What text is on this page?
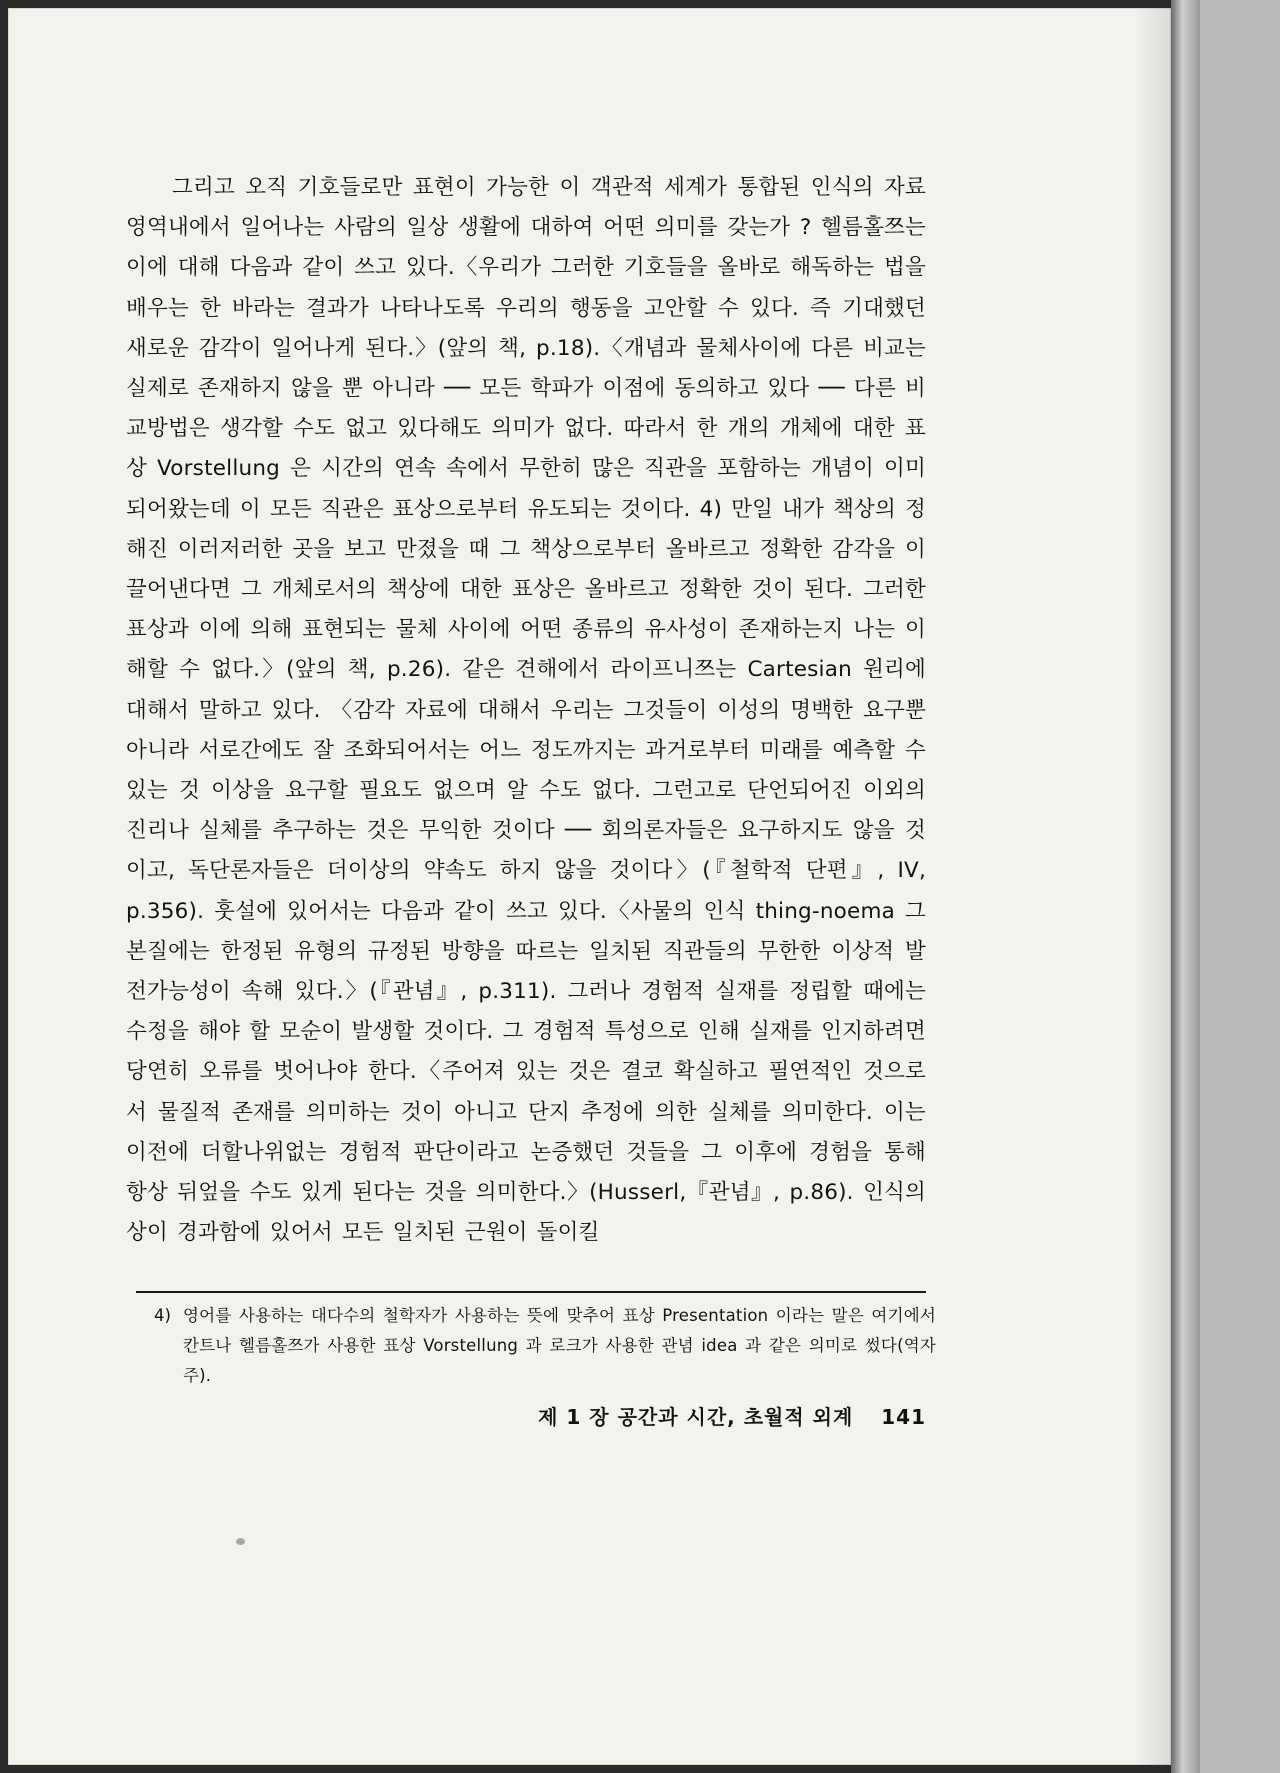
그리고 오직 기호들로만 표현이 가능한 이 객관적 세계가 통합된 인식의 자료 영역내에서 일어나는 사람의 일상 생활에 대하여 어떤 의미를 갖는가 ? 헬름홀쯔는 이에 대해 다음과 같이 쓰고 있다.〈우리가 그러한 기호들을 올바로 해독하는 법을 배우는 한 바라는 결과가 나타나도록 우리의 행동을 고안할 수 있다. 즉 기대했던 새로운 감각이 일어나게 된다.〉(앞의 책, p.18).〈개념과 물체사이에 다른 비교는 실제로 존재하지 않을 뿐 아니라 ── 모든 학파가 이점에 동의하고 있다 ── 다른 비교방법은 생각할 수도 없고 있다해도 의미가 없다. 따라서 한 개의 개체에 대한 표상 Vorstellung 은 시간의 연속 속에서 무한히 많은 직관을 포함하는 개념이 이미 되어왔는데 이 모든 직관은 표상으로부터 유도되는 것이다. 4) 만일 내가 책상의 정해진 이러저러한 곳을 보고 만졌을 때 그 책상으로부터 올바르고 정확한 감각을 이끌어낸다면 그 개체로서의 책상에 대한 표상은 올바르고 정확한 것이 된다. 그러한 표상과 이에 의해 표현되는 물체 사이에 어떤 종류의 유사성이 존재하는지 나는 이해할 수 없다.〉(앞의 책, p.26). 같은 견해에서 라이프니쯔는 Cartesian 원리에 대해서 말하고 있다. 〈감각 자료에 대해서 우리는 그것들이 이성의 명백한 요구뿐 아니라 서로간에도 잘 조화되어서는 어느 정도까지는 과거로부터 미래를 예측할 수 있는 것 이상을 요구할 필요도 없으며 알 수도 없다. 그런고로 단언되어진 이외의 진리나 실체를 추구하는 것은 무익한 것이다 ── 회의론자들은 요구하지도 않을 것이고, 독단론자들은 더이상의 약속도 하지 않을 것이다〉(『철학적 단편』, IV, p.356). 훗설에 있어서는 다음과 같이 쓰고 있다.〈사물의 인식 thing-noema 그 본질에는 한정된 유형의 규정된 방향을 따르는 일치된 직관들의 무한한 이상적 발전가능성이 속해 있다.〉(『관념』, p.311). 그러나 경험적 실재를 정립할 때에는 수정을 해야 할 모순이 발생할 것이다. 그 경험적 특성으로 인해 실재를 인지하려면 당연히 오류를 벗어나야 한다.〈주어져 있는 것은 결코 확실하고 필연적인 것으로서 물질적 존재를 의미하는 것이 아니고 단지 추정에 의한 실체를 의미한다. 이는 이전에 더할나위없는 경험적 판단이라고 논증했던 것들을 그 이후에 경험을 통해 항상 뒤엎을 수도 있게 된다는 것을 의미한다.〉(Husserl,『관념』, p.86). 인식의 상이 경과함에 있어서 모든 일치된 근원이 돌이킬

4) 영어를 사용하는 대다수의 철학자가 사용하는 뜻에 맞추어 표상 Presentation 이라는 말은 여기에서 칸트나 헬름홀쯔가 사용한 표상 Vorstellung 과 로크가 사용한 관념 idea 과 같은 의미로 썼다(역자 주).
제 1 장 공간과 시간, 초월적 외계 141
